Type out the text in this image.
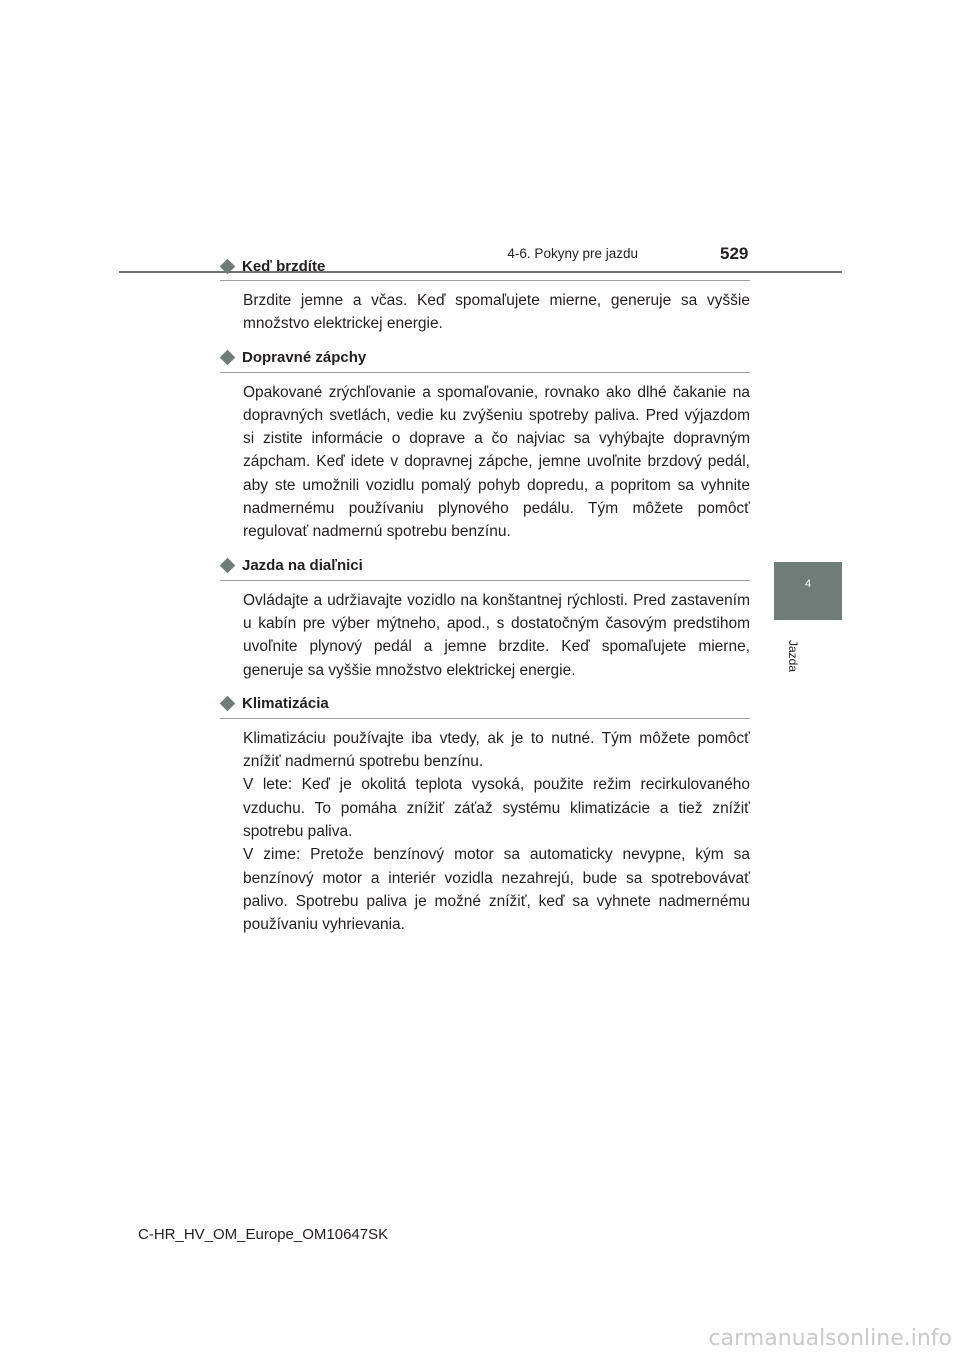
4-6. Pokyny pre jazdu	529
4
Jazda
Keď brzdíte

Brzdite jemne a včas. Keď spomaľujete mierne, generuje sa vyššie množstvo elektrickej energie.

Dopravné zápchy

Opakované zrýchľovanie a spomaľovanie, rovnako ako dlhé čakanie na dopravných svetlách, vedie ku zvýšeniu spotreby paliva. Pred výjazdom si zistite informácie o doprave a čo najviac sa vyhýbajte dopravným zápcham. Keď idete v dopravnej zápche, jemne uvoľnite brzdový pedál, aby ste umožnili vozidlu pomalý pohyb dopredu, a popritom sa vyhnite nadmernému používaniu plynového pedálu. Tým môžete pomôcť regulovať nadmernú spotrebu benzínu.

Jazda na diaľnici

Ovládajte a udržiavajte vozidlo na konštantnej rýchlosti. Pred zastavením u kabín pre výber mýtneho, apod., s dostatočným časovým predstihom uvoľnite plynový pedál a jemne brzdite. Keď spomaľujete mierne, generuje sa vyššie množstvo elektrickej energie.

Klimatizácia

Klimatizáciu používajte iba vtedy, ak je to nutné. Tým môžete pomôcť znížiť nadmernú spotrebu benzínu.

V lete: Keď je okolitá teplota vysoká, použite režim recirkulovaného vzduchu. To pomáha znížiť záťaž systému klimatizácie a tiež znížiť spotrebu paliva.

V zime: Pretože benzínový motor sa automaticky nevypne, kým sa benzínový motor a interiér vozidla nezahrejú, bude sa spotrebovávať palivo. Spotrebu paliva je možné znížiť, keď sa vyhnete nadmernému používaniu vyhrievania.

C-HR_HV_OM_Europe_OM10647SK
carmanualsonline.info
